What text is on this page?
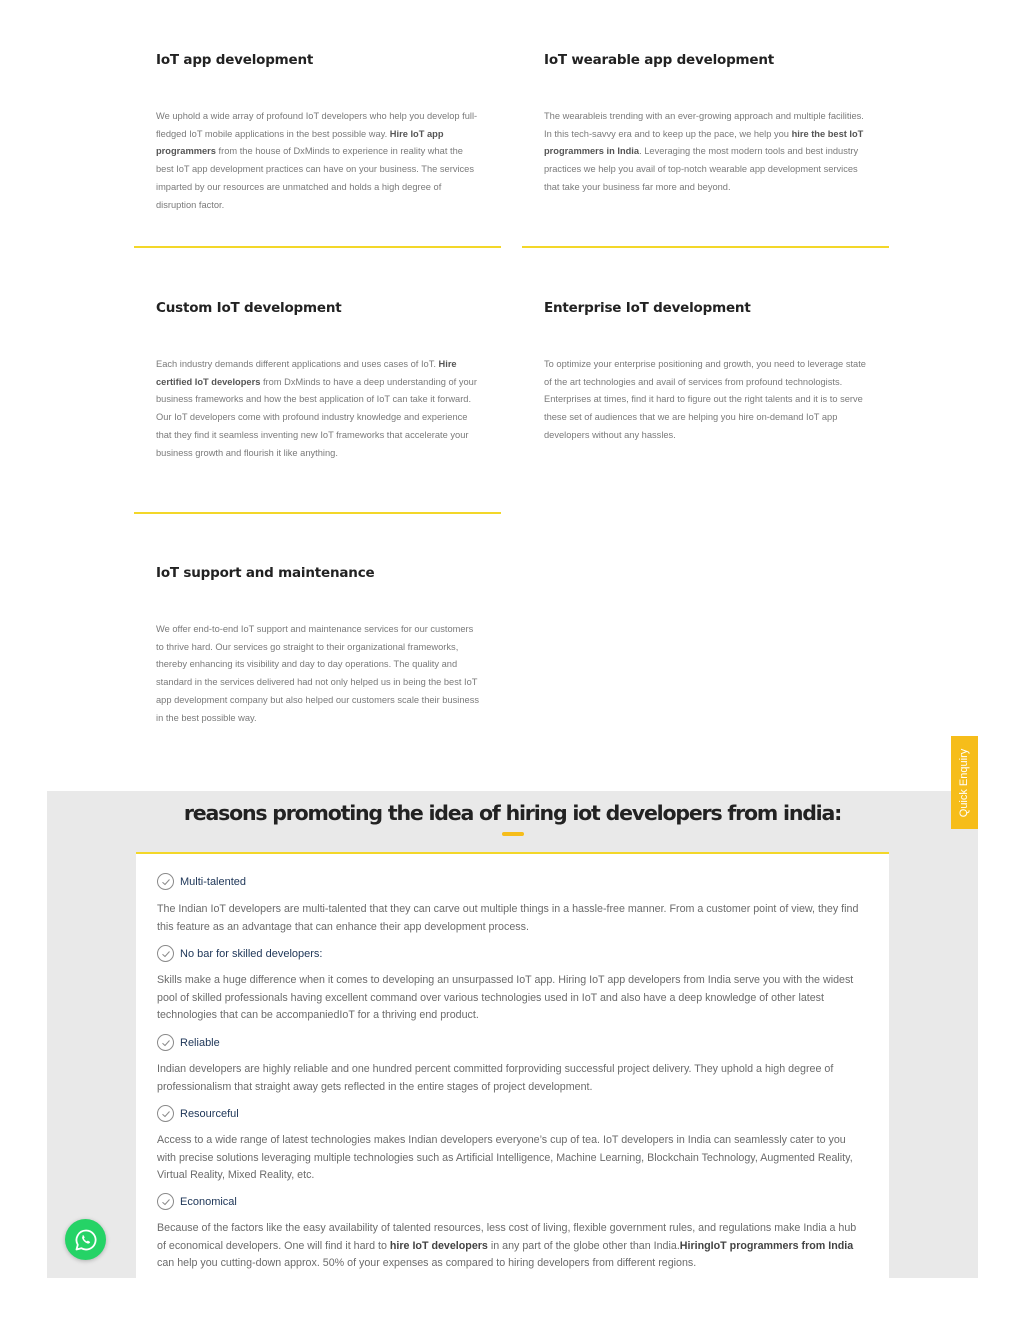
IoT app development

We uphold a wide array of profound IoT developers who help you develop full-fledged IoT mobile applications in the best possible way. Hire IoT app programmers from the house of DxMinds to experience in reality what the best IoT app development practices can have on your business. The services imparted by our resources are unmatched and holds a high degree of disruption factor.

IoT wearable app development

The wearableis trending with an ever-growing approach and multiple facilities. In this tech-savvy era and to keep up the pace, we help you hire the best IoT programmers in India. Leveraging the most modern tools and best industry practices we help you avail of top-notch wearable app development services that take your business far more and beyond.

Custom IoT development

Each industry demands different applications and uses cases of IoT. Hire certified IoT developers from DxMinds to have a deep understanding of your business frameworks and how the best application of IoT can take it forward. Our IoT developers come with profound industry knowledge and experience that they find it seamless inventing new IoT frameworks that accelerate your business growth and flourish it like anything.

Enterprise IoT development

To optimize your enterprise positioning and growth, you need to leverage state of the art technologies and avail of services from profound technologists. Enterprises at times, find it hard to figure out the right talents and it is to serve these set of audiences that we are helping you hire on-demand IoT app developers without any hassles.

IoT support and maintenance

We offer end-to-end IoT support and maintenance services for our customers to thrive hard. Our services go straight to their organizational frameworks, thereby enhancing its visibility and day to day operations. The quality and standard in the services delivered had not only helped us in being the best IoT app development company but also helped our customers scale their business in the best possible way.

reasons promoting the idea of hiring iot developers from india:
Multi-talented

The Indian IoT developers are multi-talented that they can carve out multiple things in a hassle-free manner. From a customer point of view, they find this feature as an advantage that can enhance their app development process.

No bar for skilled developers:

Skills make a huge difference when it comes to developing an unsurpassed IoT app. Hiring IoT app developers from India serve you with the widest pool of skilled professionals having excellent command over various technologies used in IoT and also have a deep knowledge of other latest technologies that can be accompaniedIoT for a thriving end product.

Reliable

Indian developers are highly reliable and one hundred percent committed forproviding successful project delivery. They uphold a high degree of professionalism that straight away gets reflected in the entire stages of project development.

Resourceful

Access to a wide range of latest technologies makes Indian developers everyone’s cup of tea. IoT developers in India can seamlessly cater to you with precise solutions leveraging multiple technologies such as Artificial Intelligence, Machine Learning, Blockchain Technology, Augmented Reality, Virtual Reality, Mixed Reality, etc.

Economical

Because of the factors like the easy availability of talented resources, less cost of living, flexible government rules, and regulations make India a hub of economical developers. One will find it hard to hire IoT developers in any part of the globe other than India.HiringIoT programmers from India can help you cutting-down approx. 50% of your expenses as compared to hiring developers from different regions.

Quick Enquiry
